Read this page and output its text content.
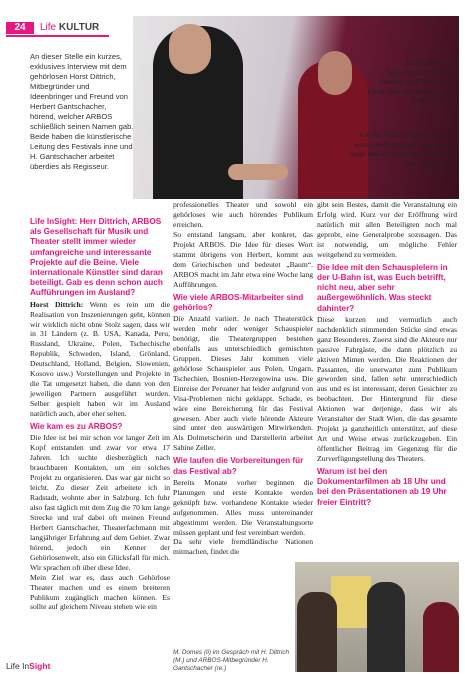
24	Life KULTUR
An dieser Stelle ein kurzes, exklusives Interview mit dem gehörlosen Horst Dittrich, Mitbegründer und Ideenbringer und Freund von Herbert Gantschacher, hörend, welcher ARBOS schließlich seinen Namen gab. Beide haben die künstlerische Leitung des Festivals inne und H. Gantschacher arbeitet überdies als Regisseur.
Kommunikation hauptsächlich über das Internet via E-Mails oder Chats statt, ein einfacher und schneller Weg.
Von der Vorbereitung bis zu den ersten Aufführungen vergeht eine lange und arbeitsintensive Zeit und jeder Mitarbeiter
Life InSight: Herr Dittrich, ARBOS als Gesellschaft für Musik und Theater stellt immer wieder umfangreiche und interessante Projekte auf die Beine. Viele internationale Künstler sind daran beteiligt. Gab es denn schon auch Aufführungen im Ausland?
Horst Dittrich: Wenn es rein um die Realisation von Inszenierungen geht, können wir wirklich nicht ohne Stolz sagen, dass wir in 31 Ländern (z. B. USA, Kanada, Peru, Russland, Ukraine, Polen, Tschechische Republik, Schweden, Island, Grönland, Deutschland, Holland, Belgien, Slowenien, Kosovo usw.) Vorstellungen und Projekte in die Tat umgesetzt haben, die dann von den jeweiligen Partnern ausgeführt wurden. Selber gespielt haben wir im Ausland natürlich auch, aber eher selten.
Wie kam es zu ARBOS?
Die Idee ist bei mir schon vor langer Zeit im Kopf entstanden und zwar vor etwa 17 Jahren. Ich suchte diesbezüglich nach brauchbaren Kontakten, um ein solches Projekt zu organisieren. Das war gar nicht so leicht. Zu dieser Zeit arbeitete ich in Radstadt, wohnte aber in Salzburg. Ich fuhr also fast täglich mit dem Zug die 70 km lange Strecke und traf dabei oft meinen Freund Herbert Gantschacher, Theaterfachmann mit langjähriger Erfahrung auf dem Gebiet. Zwar hörend, jedoch ein Kenner der Gehörlosenwelt, also ein Glücksfall für mich. Wir sprachen oft über diese Idee.
Mein Ziel war es, dass auch Gehörlose Theater machen und es einem breiteren Publikum zugänglich machen können. Es sollte auf gleichem Niveau stehen wie ein
professionelles Theater und sowohl ein gehörloses wie auch hörendes Publikum erreichen.
So entstand langsam, aber konkret, das Projekt ARBOS. Die Idee für dieses Wort stammt übrigens von Herbert, kommt aus dem Griechischen und bedeutet „Baum“. ARBOS macht im Jahr etwa eine Woche lang Aufführungen.
Wie viele ARBOS-Mitarbeiter sind gehörlos?
Die Anzahl variiert. Je nach Theaterstück werden mehr oder weniger Schauspieler benötigt, die Theatergruppen bestehen ebenfalls aus unterschiedlich gemischten Gruppen. Dieses Jahr kommen viele gehörlose Schauspieler aus Polen, Ungarn, Tschechien, Bosnien-Herzegowina usw. Die Einreise der Peruaner hat leider aufgrund von Visa-Problemen nicht geklappt. Schade, es wäre eine Bereicherung für das Festival gewesen. Aber auch viele hörende Akteure sind unter den auswärtigen Mitwirkenden. Als Dolmetscherin und Darstellerin arbeitet Sabine Zeller.
Wie laufen die Vorbereitungen für das Festival ab?
Bereits Monate vorher beginnen die Planungen und erste Kontakte werden geknüpft bzw. vorhandene Kontakte wieder aufgenommen. Alles muss untereinander abgestimmt werden. Die Veranstaltungsorte müssen geplant und fest vereinbart werden.
Da sehr viele fremdländische Nationen mitmachen, findet die
gibt sein Bestes, damit die Veranstaltung ein Erfolg wird. Kurz vor der Eröffnung wird natürlich mit allen Beteiligten noch mal geprobt, eine Generalprobe sozusagen. Das ist notwendig, um mögliche Fehler weitgehend zu vermeiden.
Die Idee mit den Schauspielern in der U-Bahn ist, was Euch betrifft, nicht neu, aber sehr außergewöhnlich. Was steckt dahinter?
Diese kurzen und vermutlich auch nachdenklich stimmenden Stücke sind etwas ganz Besonderes. Zuerst sind die Akteure nur passive Fahrgäste, die dann plötzlich zu aktiven Mimen werden. Die Reaktionen der Passanten, die unerwartet zum Publikum geworden sind, fallen sehr unterschiedlich aus und es ist interessant, deren Gesichter zu beobachten. Der Hintergrund für diese Aktionen war derjenige, dass wir als Veranstalter der Stadt Wien, die das gesamte Projekt ja ganzheitlich unterstützt, auf diese Art und Weise etwas zurückzugeben. Ein öffentlicher Beitrag im Gegenzug für die Zurverfügungstellung des Theaters.
Warum ist bei den Dokumentarfilmen ab 18 Uhr und bei den Präsentationen ab 19 Uhr freier Eintritt?
M. Domes (li) im Gespräch mit H. Dittrich (M.) und ARBOS-Mitbegründer H. Gantschacher (re.)
Life InSight
